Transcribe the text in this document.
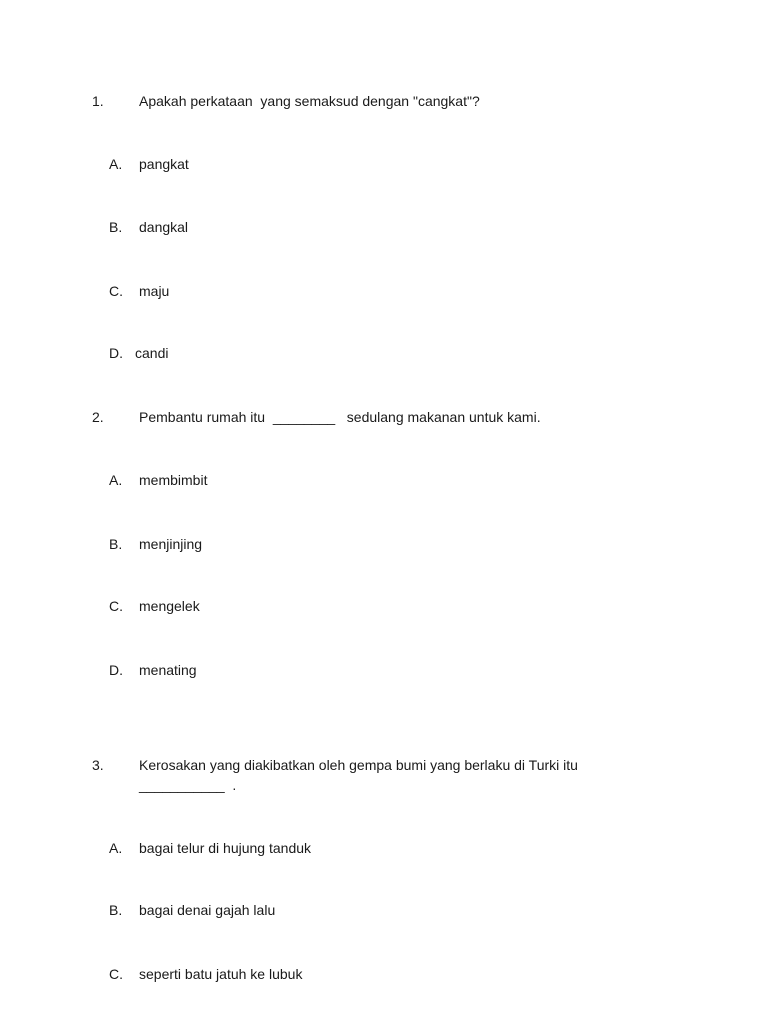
1.	Apakah perkataan  yang semaksud dengan "cangkat"?
A. pangkat
B. dangkal
C. maju
D. candi
2.	Pembantu rumah itu  ________   sedulang makanan untuk kami.
A. membimbit
B. menjinjing
C. mengelek
D. menating
3.	Kerosakan yang diakibatkan oleh gempa bumi yang berlaku di Turki itu
___________  .
A. bagai telur di hujung tanduk
B. bagai denai gajah lalu
C. seperti batu jatuh ke lubuk
